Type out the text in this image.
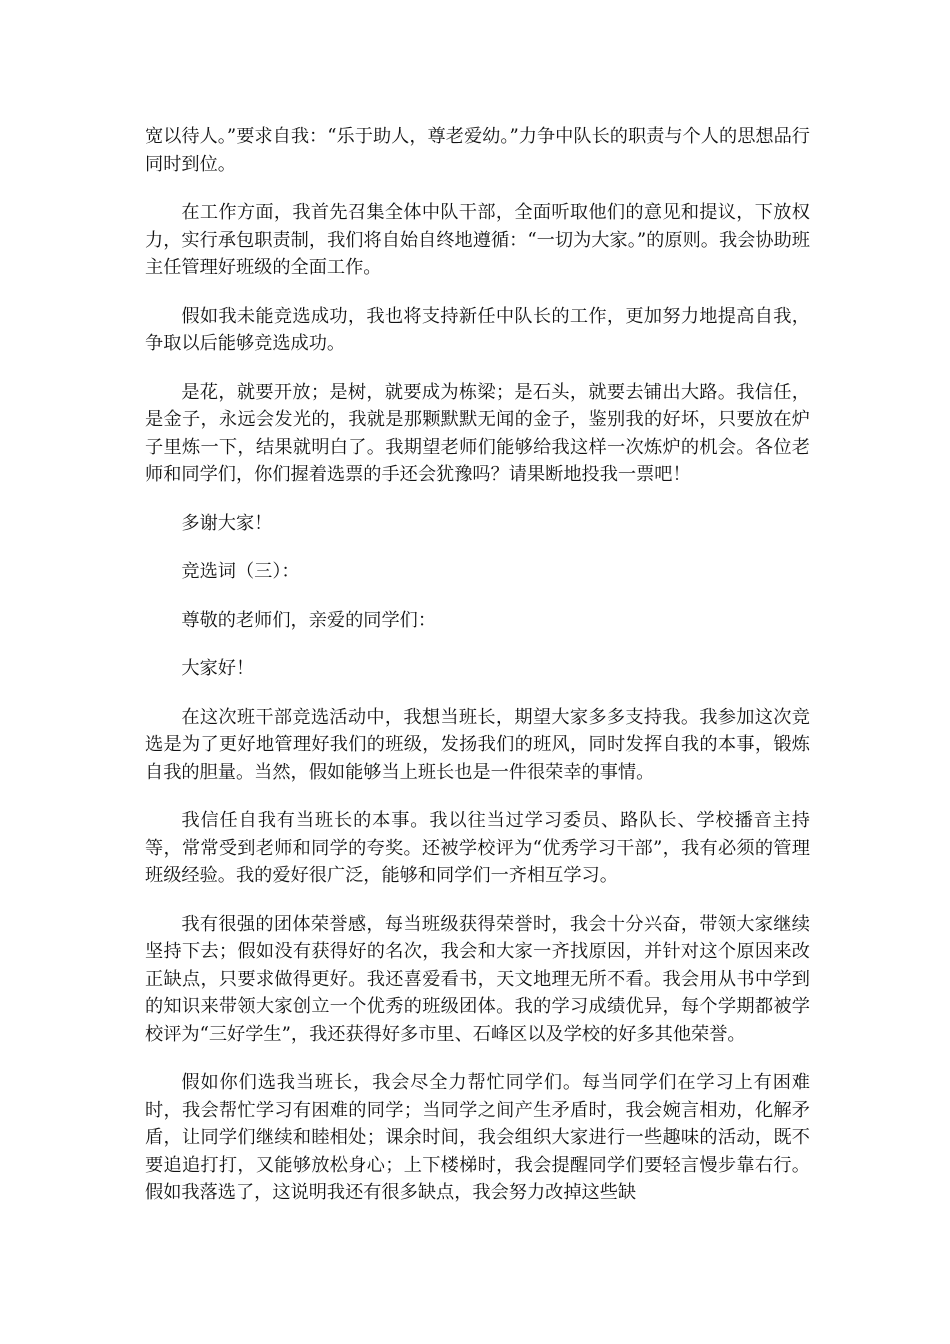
宽以待人。”要求自我：“乐于助人，尊老爱幼。”力争中队长的职责与个人的思想品行同时到位。

在工作方面，我首先召集全体中队干部，全面听取他们的意见和提议，下放权力，实行承包职责制，我们将自始自终地遵循：“一切为大家。”的原则。我会协助班主任管理好班级的全面工作。

假如我未能竞选成功，我也将支持新任中队长的工作，更加努力地提高自我，争取以后能够竞选成功。

是花，就要开放；是树，就要成为栋梁；是石头，就要去铺出大路。我信任，是金子，永远会发光的，我就是那颗默默无闻的金子，鉴别我的好坏，只要放在炉子里炼一下，结果就明白了。我期望老师们能够给我这样一次炼炉的机会。各位老师和同学们，你们握着选票的手还会犹豫吗？请果断地投我一票吧！

多谢大家！

竞选词（三）：

尊敬的老师们，亲爱的同学们：

大家好！

在这次班干部竞选活动中，我想当班长，期望大家多多支持我。我参加这次竞选是为了更好地管理好我们的班级，发扬我们的班风，同时发挥自我的本事，锻炼自我的胆量。当然，假如能够当上班长也是一件很荣幸的事情。

我信任自我有当班长的本事。我以往当过学习委员、路队长、学校播音主持等，常常受到老师和同学的夸奖。还被学校评为“优秀学习干部”，我有必须的管理班级经验。我的爱好很广泛，能够和同学们一齐相互学习。

我有很强的团体荣誉感，每当班级获得荣誉时，我会十分兴奋，带领大家继续坚持下去；假如没有获得好的名次，我会和大家一齐找原因，并针对这个原因来改正缺点，只要求做得更好。我还喜爱看书，天文地理无所不看。我会用从书中学到的知识来带领大家创立一个优秀的班级团体。我的学习成绩优异，每个学期都被学校评为“三好学生”，我还获得好多市里、石峰区以及学校的好多其他荣誉。

假如你们选我当班长，我会尽全力帮忙同学们。每当同学们在学习上有困难时，我会帮忙学习有困难的同学；当同学之间产生矛盾时，我会婉言相劝，化解矛盾，让同学们继续和睦相处；课余时间，我会组织大家进行一些趣味的活动，既不要追追打打，又能够放松身心；上下楼梯时，我会提醒同学们要轻言慢步靠右行。假如我落选了，这说明我还有很多缺点，我会努力改掉这些缺
